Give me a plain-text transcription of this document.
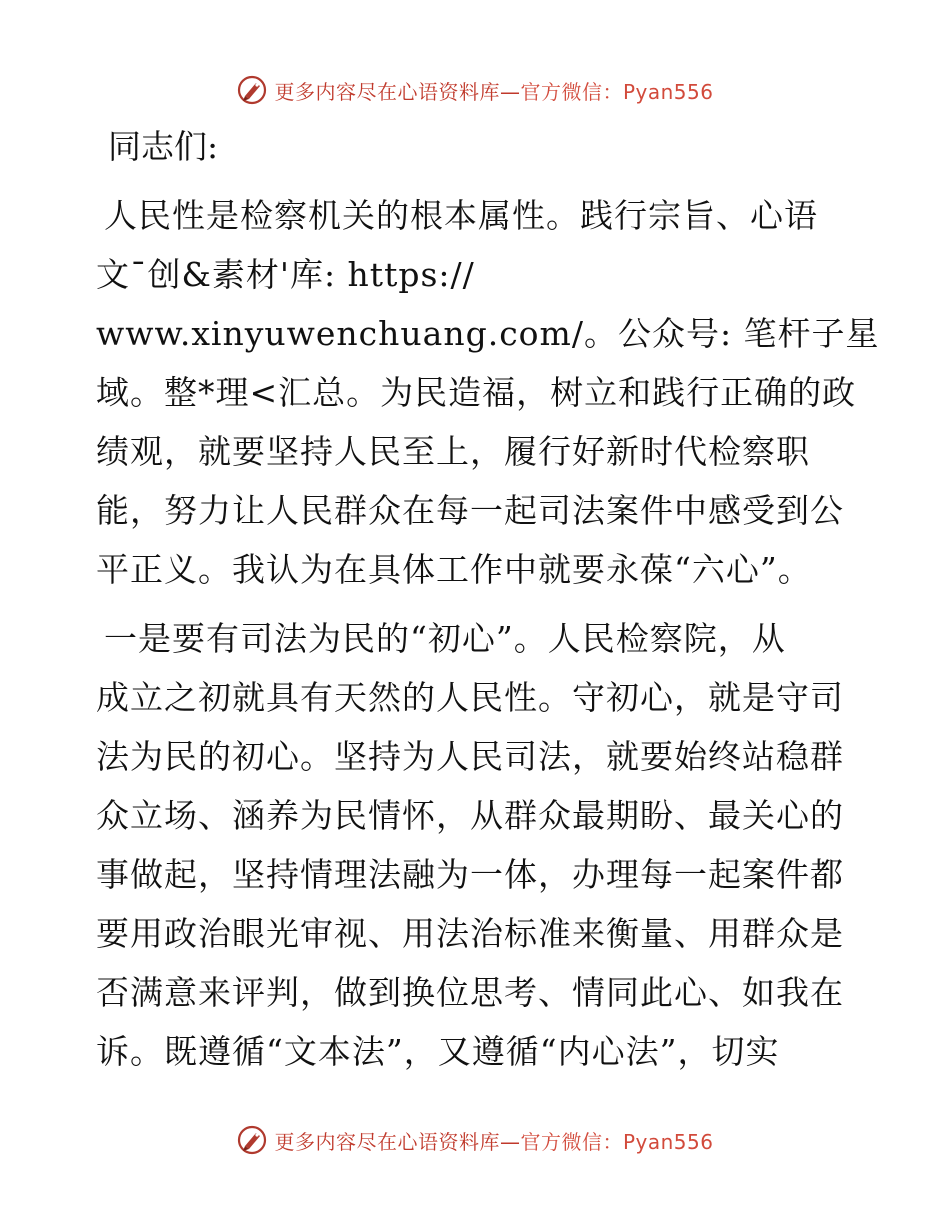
更多内容尽在心语资料库—官方微信：Pyan556
同志们:
人民性是检察机关的根本属性。践行宗旨、心语
文¯创&素材'库: https://
www.xinyuwenchuang.com/。公众号: 笔杆子星
域。整*理<汇总。为民造福，树立和践行正确的政
绩观，就要坚持人民至上，履行好新时代检察职
能，努力让人民群众在每一起司法案件中感受到公
平正义。我认为在具体工作中就要永葆“六心”。
一是要有司法为民的“初心”。人民检察院，从
成立之初就具有天然的人民性。守初心，就是守司
法为民的初心。坚持为人民司法，就要始终站稳群
众立场、涵养为民情怀，从群众最期盼、最关心的
事做起，坚持情理法融为一体，办理每一起案件都
要用政治眼光审视、用法治标准来衡量、用群众是
否满意来评判，做到换位思考、情同此心、如我在
诉。既遵循“文本法”，又遵循“内心法”，切实
更多内容尽在心语资料库—官方微信：Pyan556
